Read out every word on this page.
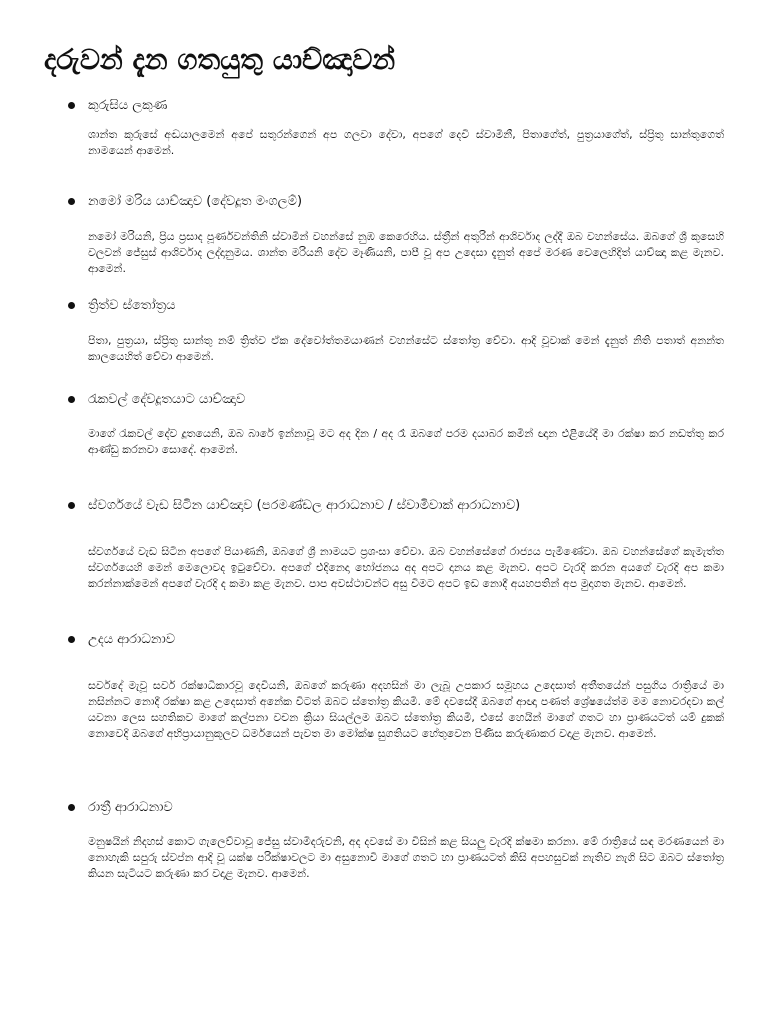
දරුවන් දැන ගතයුතු යාච්ඤාවන්
කුරුසිය ලකුණ

ශාන්ත කුරුසේ අඬයාලමෙන් අපේ සතුරන්ගෙන් අප ගලවා දේවා, අපගේ දෙවි ස්වාමිනී, පිතාගේත්, පුත්‍රයාගේත්, ස්ප්‍රිතු සාන්තුගෙත් නාමයෙන් ආමෙන්.

නමෝ මරිය යාච්ඤාව (දේවදූත මංගලම්)

නමෝ මරියනි, ප්‍රිය ප්‍රසාද පූර්ණවන්තිනි ස්වාමීන් වහන්සේ නුඹ කෙරෙහිය. ස්ත්‍රීන් අතුරින් ආශිර්වාද ලද්දී ඔබ වහන්සේය. ඔබගේ ශ්‍රී කුසෙහි වලවන් ජේසුස් ආශිර්වාද ලද්දානුමය. ශාන්ත මරියනි දේව මෑණියනි, පාපී වූ අප උදෙසා දැනුත් අපේ මරණ වෙලෙහිදිත් යාච්ඤා කළ මැනව. ආමෙන්.

ත්‍රිත්ව ස්තෝත්‍රය

පිතා, පුත්‍රයා, ස්ප්‍රිතු සාන්තු නම් ත්‍රිත්ව ඒක දේවෝත්තමයාණන් වහන්සේට ස්තෝත්‍ර වේවා. ආදි වූවාක් මෙන් දැනුත් නිති පතාත් අනන්ත කාලයෙහිත් වේවා ආමෙන්.

රැකවල් දේවදූතයාට යාච්ඤාව

මාගේ රැකවල් දේව දූතයෙනි, ඔබ බාරේ ඉන්නාවූ මට අද දින / අද රෑ ඔබගේ පරම දයාබර කමින් ඥාන එළියේදී මා රක්ෂා කර නඩත්තු කර ආණ්ඩු කරනවා සොදේ. ආමෙන්.

ස්වර්ගයේ වැඩ සිටින යාච්ඤාව (පරමණ්ඩල ආරාධනාව / ස්වාමිවාක් ආරාධනාව)

ස්වර්ගයේ වැඩ සිටින අපගේ පියාණනි, ඔබගේ ශ්‍රී නාමයට ප්‍රශංසා වේවා. ඔබ වහන්සේගේ රාජ්‍යය පැමිණේවා. ඔබ වහන්සේගේ කැමැත්ත ස්වර්ගයෙහි මෙන් මෙලොවද ඉටුවේවා. අපගේ එදිනෙදා භෝජනය අද අපට දානය කළ මැනව. අපට වැරදි කරන අයගේ වැරදි අප කමා කරන්නාක්මෙන් අපගේ වැරදි ද කමා කළ මැනව. පාප අවස්ථාවන්ට අසු විමට අපට ඉඩ නොදී අයහපතින් අප මුදාගත මැනව. ආමෙන්.

උදය ආරාධනාව

සර්වදේ මැවූ සර්ව රක්ෂාධිකාරවූ දෙවියනි, ඔබගේ කරුණා අදහසින් මා ලැබූ උපකාර සමූහය උදෙසාත් අතීතයේන් පසුගිය රාත්‍රියේ මා නසින්නට නොදී රක්ෂා කළ උදෙසාත් අනේක විටත් ඔබට ස්තෝත්‍ර කියමි. මේ දවසේදී ඔබගේ ආඥා පණත් ශ්‍රේෂයේත්ම මම නොවරදවා කල් යවනා ලෙස සහතිකව මාගේ කල්පනා වචන ක්‍රියා සියල්ලම ඔබට ස්තෝත්‍ර කියමි, එසේ හෙයින් මාගේ ගතට හා ප්‍රාණයටත් යම් දුකක් නොවෙදි ඔබගේ අභිප්‍රායානුකූලව ධර්මයෙන් පැවත මා මෝක්ෂ සුගතියට හේතුවෙන පිණිස කරුණාකර වදාළ මැනව. ආමෙන්.

රාත්‍රී ආරාධනාව

මනුෂයින් නිදහස් කොට ගැලෙව්වාවූ ජේසු ස්වාමිදරුවනි, අද දවසේ මා විසින් කළ සියලු වැරදි ක්ෂමා කරනා. මේ රාත්‍රියේ සඳ මරණයෙන් මා නොහැකි සපුරු ස්වප්න ආදි වූ යක්ෂ පරික්ෂාවලට මා අසුනොවී මාගේ ගතට හා ප්‍රාණයටත් කිසි අපහසුවක් නැතිව නැගි සිට ඔබට ස්තෝත්‍ර කියන සැටියට කරුණා කර වදාළ මැනව. ආමෙන්.
